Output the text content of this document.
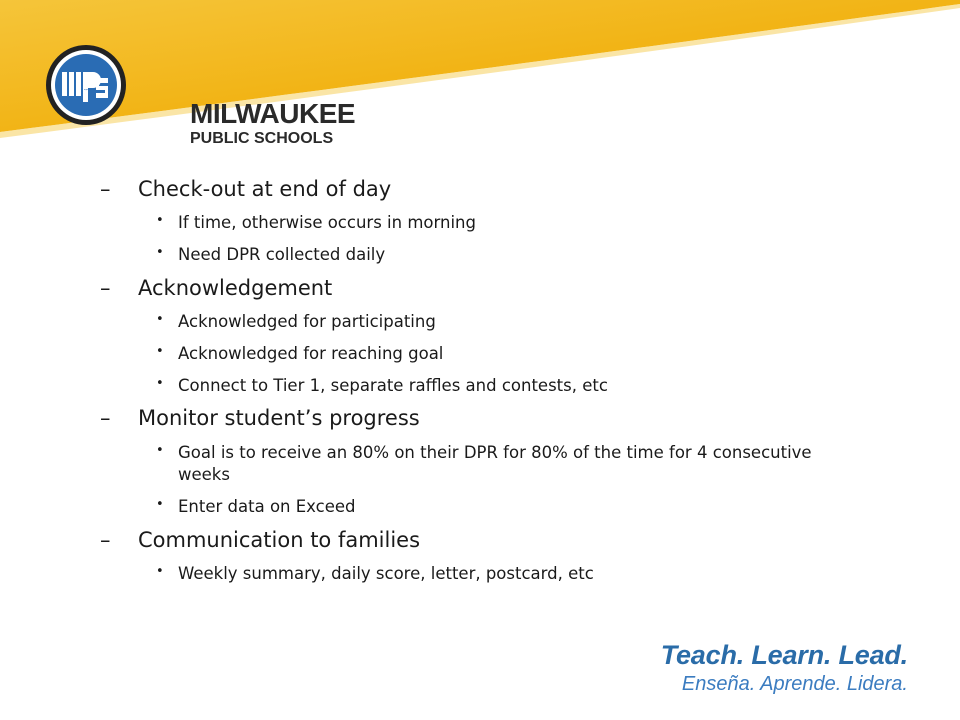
mps
MILWAUKEE
PUBLIC SCHOOLS
– Check-out at end of day
• If time, otherwise occurs in morning
• Need DPR collected daily
– Acknowledgement
• Acknowledged for participating
• Acknowledged for reaching goal
• Connect to Tier 1, separate raffles and contests, etc
– Monitor student’s progress
• Goal is to receive an 80% on their DPR for 80% of the time for 4 consecutive weeks
• Enter data on Exceed
– Communication to families
• Weekly summary, daily score, letter, postcard, etc
Teach. Learn. Lead.
Enseña. Aprende. Lidera.
